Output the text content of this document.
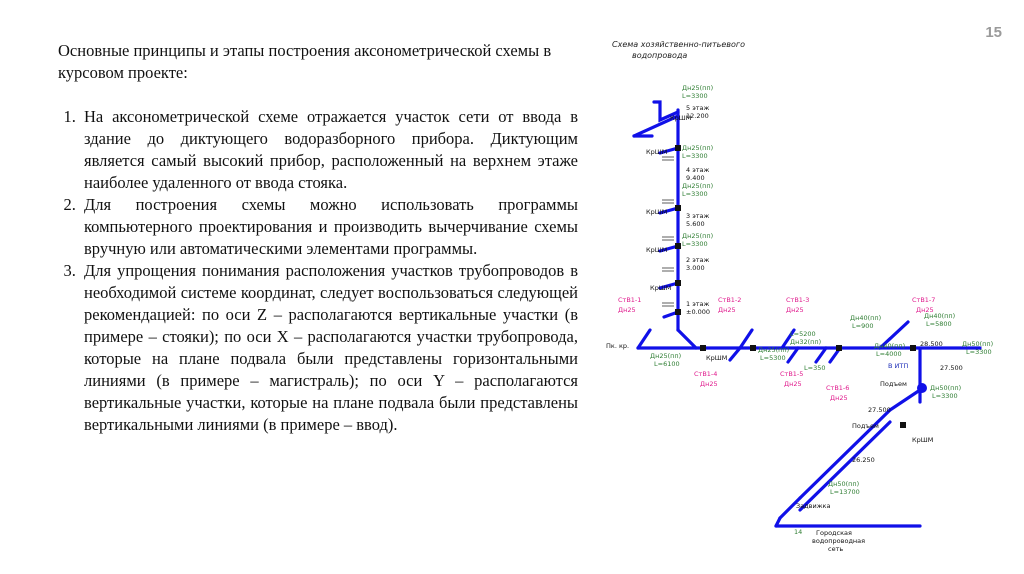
15

Основные принципы и этапы построения аксонометрической схемы в курсовом проекте:

1. На аксонометрической схеме отражается участок сети от ввода в здание до диктующего водоразборного прибора. Диктующим является самый высокий прибор, расположенный на верхнем этаже наиболее удаленного от ввода стояка.
2. Для построения схемы можно использовать программы компьютерного проектирования и производить вычерчивание схемы вручную или автоматическими элементами программы.
3. Для упрощения понимания расположения участков трубопроводов в необходимой системе координат, следует воспользоваться следующей рекомендацией: по оси Z – располагаются вертикальные участки (в примере – стояки); по оси X – располагаются участки трубопровода, которые на плане подвала были представлены горизонтальными линиями (в примере – магистраль); по оси Y – располагаются вертикальные участки, которые на плане подвала были представлены вертикальными линиями (в примере – ввод).
Схема хозяйственно-питьевого
водопровода
Дн25(пп)
L=3300
Дн25(пп)
L=3300
Дн25(пп)
L=3300
Дн25(пп)
L=3300
Дн25(пп)
L=6100
Дн25(пп)
L=5300
Дн32(пп)
L=5200
Дн40(пп)
L=900
Дн40(пп)
L=4000
Дн40(пп)
L=5800
Дн50(пп)
L=3300
L=350
Дн50(пп)
L=3300
Дн50(пп)
L=13700
14
КрШМ
5 этаж
12.200
КрШМ
4 этаж
9.400
КрШМ	3 этаж
5.600
КрШМ
2 этаж
3.000
КрШМ
1 этаж
±0.000
Пк. кр.
КрШМ
28.500
27.500
Подъем
27.500
Подъем
КрШМ
26.250
Задвижка
Городская
водопроводная
сеть
СтВ1-1
Дн25
СтВ1-2
Дн25
СтВ1-3
Дн25
СтВ1-4
Дн25
СтВ1-5
Дн25	СтВ1-6
Дн25
СтВ1-7
Дн25
В ИТП
